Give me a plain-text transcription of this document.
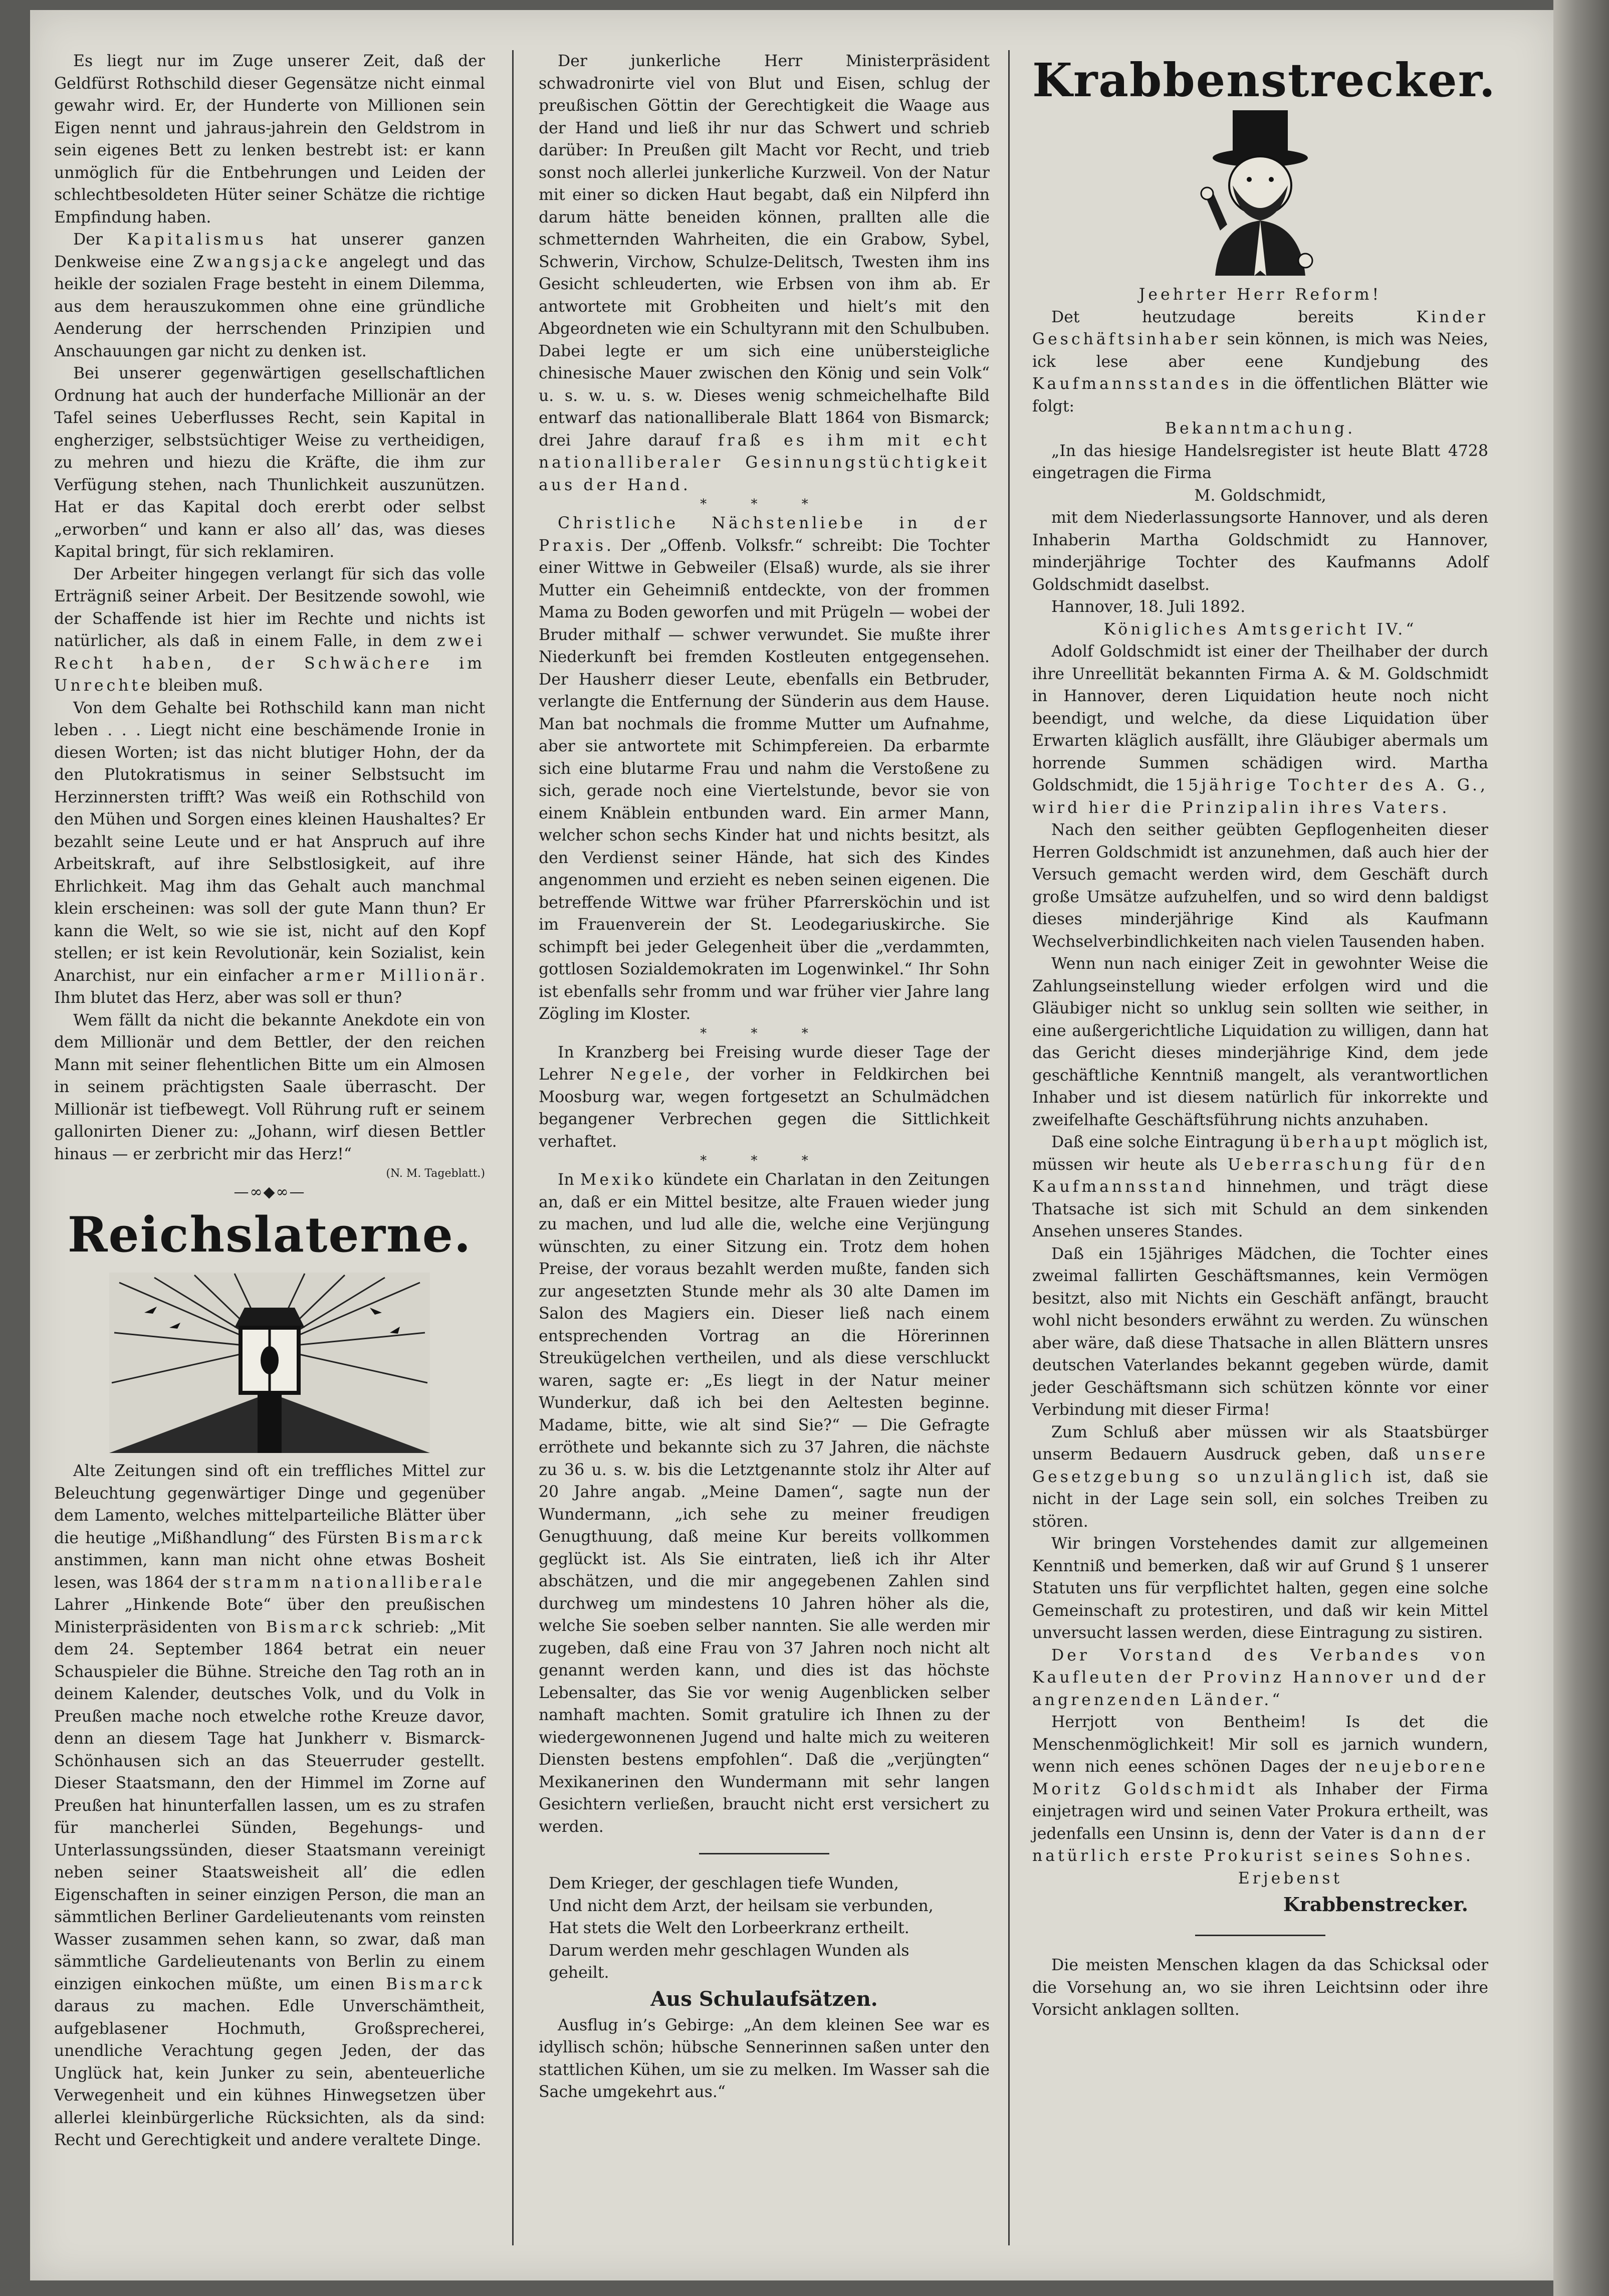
Es liegt nur im Zuge unserer Zeit, daß der Geldfürst Rothschild dieser Gegensätze nicht einmal gewahr wird. Er, der Hunderte von Millionen sein Eigen nennt und jahraus-jahrein den Geldstrom in sein eigenes Bett zu lenken bestrebt ist: er kann unmöglich für die Entbehrungen und Leiden der schlechtbesoldeten Hüter seiner Schätze die richtige Empfindung haben.

Der Kapitalismus hat unserer ganzen Denkweise eine Zwangsjacke angelegt und das heikle der sozialen Frage besteht in einem Dilemma, aus dem herauszukommen ohne eine gründliche Aenderung der herrschenden Prinzipien und Anschauungen gar nicht zu denken ist.

Bei unserer gegenwärtigen gesellschaftlichen Ordnung hat auch der hunderfache Millionär an der Tafel seines Ueberflusses Recht, sein Kapital in engherziger, selbstsüchtiger Weise zu vertheidigen, zu mehren und hiezu die Kräfte, die ihm zur Verfügung stehen, nach Thunlichkeit auszunützen. Hat er das Kapital doch ererbt oder selbst „erworben“ und kann er also all’ das, was dieses Kapital bringt, für sich reklamiren.

Der Arbeiter hingegen verlangt für sich das volle Erträgniß seiner Arbeit. Der Besitzende sowohl, wie der Schaffende ist hier im Rechte und nichts ist natürlicher, als daß in einem Falle, in dem zwei Recht haben, der Schwächere im Unrechte bleiben muß.

Von dem Gehalte bei Rothschild kann man nicht leben . . . Liegt nicht eine beschämende Ironie in diesen Worten; ist das nicht blutiger Hohn, der da den Plutokratismus in seiner Selbstsucht im Herzinnersten trifft? Was weiß ein Rothschild von den Mühen und Sorgen eines kleinen Haushaltes? Er bezahlt seine Leute und er hat Anspruch auf ihre Arbeitskraft, auf ihre Selbstlosigkeit, auf ihre Ehrlichkeit. Mag ihm das Gehalt auch manchmal klein erscheinen: was soll der gute Mann thun? Er kann die Welt, so wie sie ist, nicht auf den Kopf stellen; er ist kein Revolutionär, kein Sozialist, kein Anarchist, nur ein einfacher armer Millionär. Ihm blutet das Herz, aber was soll er thun?

Wem fällt da nicht die bekannte Anekdote ein von dem Millionär und dem Bettler, der den reichen Mann mit seiner flehentlichen Bitte um ein Almosen in seinem prächtigsten Saale überrascht. Der Millionär ist tiefbewegt. Voll Rührung ruft er seinem gallonirten Diener zu: „Johann, wirf diesen Bettler hinaus — er zerbricht mir das Herz!“

(N. M. Tageblatt.)

—∞◆∞—

Reichslaterne.

Alte Zeitungen sind oft ein treffliches Mittel zur Beleuchtung gegenwärtiger Dinge und gegenüber dem Lamento, welches mittelparteiliche Blätter über die heutige „Mißhandlung“ des Fürsten Bismarck anstimmen, kann man nicht ohne etwas Bosheit lesen, was 1864 der stramm nationalliberale Lahrer „Hinkende Bote“ über den preußischen Ministerpräsidenten von Bismarck schrieb: „Mit dem 24. September 1864 betrat ein neuer Schauspieler die Bühne. Streiche den Tag roth an in deinem Kalender, deutsches Volk, und du Volk in Preußen mache noch etwelche rothe Kreuze davor, denn an diesem Tage hat Junkherr v. Bismarck-Schönhausen sich an das Steuerruder gestellt. Dieser Staatsmann, den der Himmel im Zorne auf Preußen hat hinunterfallen lassen, um es zu strafen für mancherlei Sünden, Begehungs- und Unterlassungssünden, dieser Staatsmann vereinigt neben seiner Staatsweisheit all’ die edlen Eigenschaften in seiner einzigen Person, die man an sämmtlichen Berliner Gardelieutenants vom reinsten Wasser zusammen sehen kann, so zwar, daß man sämmtliche Gardelieutenants von Berlin zu einem einzigen einkochen müßte, um einen Bismarck daraus zu machen. Edle Unverschämtheit, aufgeblasener Hochmuth, Großsprecherei, unendliche Verachtung gegen Jeden, der das Unglück hat, kein Junker zu sein, abenteuerliche Verwegenheit und ein kühnes Hinwegsetzen über allerlei kleinbürgerliche Rücksichten, als da sind: Recht und Gerechtigkeit und andere veraltete Dinge.

Der junkerliche Herr Ministerpräsident schwadronirte viel von Blut und Eisen, schlug der preußischen Göttin der Gerechtigkeit die Waage aus der Hand und ließ ihr nur das Schwert und schrieb darüber: In Preußen gilt Macht vor Recht, und trieb sonst noch allerlei junkerliche Kurzweil. Von der Natur mit einer so dicken Haut begabt, daß ein Nilpferd ihn darum hätte beneiden können, prallten alle die schmetternden Wahrheiten, die ein Grabow, Sybel, Schwerin, Virchow, Schulze-Delitsch, Twesten ihm ins Gesicht schleuderten, wie Erbsen von ihm ab. Er antwortete mit Grobheiten und hielt’s mit den Abgeordneten wie ein Schultyrann mit den Schulbuben. Dabei legte er um sich eine unübersteigliche chinesische Mauer zwischen den König und sein Volk“ u. s. w. u. s. w. Dieses wenig schmeichelhafte Bild entwarf das nationalliberale Blatt 1864 von Bismarck; drei Jahre darauf fraß es ihm mit echt nationalliberaler Gesinnungstüchtigkeit aus der Hand.

* * *

Christliche Nächstenliebe in der Praxis. Der „Offenb. Volksfr.“ schreibt: Die Tochter einer Wittwe in Gebweiler (Elsaß) wurde, als sie ihrer Mutter ein Geheimniß entdeckte, von der frommen Mama zu Boden geworfen und mit Prügeln — wobei der Bruder mithalf — schwer verwundet. Sie mußte ihrer Niederkunft bei fremden Kostleuten entgegensehen. Der Hausherr dieser Leute, ebenfalls ein Betbruder, verlangte die Entfernung der Sünderin aus dem Hause. Man bat nochmals die fromme Mutter um Aufnahme, aber sie antwortete mit Schimpfereien. Da erbarmte sich eine blutarme Frau und nahm die Verstoßene zu sich, gerade noch eine Viertelstunde, bevor sie von einem Knäblein entbunden ward. Ein armer Mann, welcher schon sechs Kinder hat und nichts besitzt, als den Verdienst seiner Hände, hat sich des Kindes angenommen und erzieht es neben seinen eigenen. Die betreffende Wittwe war früher Pfarrersköchin und ist im Frauenverein der St. Leodegariuskirche. Sie schimpft bei jeder Gelegenheit über die „verdammten, gottlosen Sozialdemokraten im Logenwinkel.“ Ihr Sohn ist ebenfalls sehr fromm und war früher vier Jahre lang Zögling im Kloster.

* * *

In Kranzberg bei Freising wurde dieser Tage der Lehrer Negele, der vorher in Feldkirchen bei Moosburg war, wegen fortgesetzt an Schulmädchen begangener Verbrechen gegen die Sittlichkeit verhaftet.

* * *

In Mexiko kündete ein Charlatan in den Zeitungen an, daß er ein Mittel besitze, alte Frauen wieder jung zu machen, und lud alle die, welche eine Verjüngung wünschten, zu einer Sitzung ein. Trotz dem hohen Preise, der voraus bezahlt werden mußte, fanden sich zur angesetzten Stunde mehr als 30 alte Damen im Salon des Magiers ein. Dieser ließ nach einem entsprechenden Vortrag an die Hörerinnen Streukügelchen vertheilen, und als diese verschluckt waren, sagte er: „Es liegt in der Natur meiner Wunderkur, daß ich bei den Aeltesten beginne. Madame, bitte, wie alt sind Sie?“ — Die Gefragte erröthete und bekannte sich zu 37 Jahren, die nächste zu 36 u. s. w. bis die Letztgenannte stolz ihr Alter auf 20 Jahre angab. „Meine Damen“, sagte nun der Wundermann, „ich sehe zu meiner freudigen Genugthuung, daß meine Kur bereits vollkommen geglückt ist. Als Sie eintraten, ließ ich ihr Alter abschätzen, und die mir angegebenen Zahlen sind durchweg um mindestens 10 Jahren höher als die, welche Sie soeben selber nannten. Sie alle werden mir zugeben, daß eine Frau von 37 Jahren noch nicht alt genannt werden kann, und dies ist das höchste Lebensalter, das Sie vor wenig Augenblicken selber namhaft machten. Somit gratulire ich Ihnen zu der wiedergewonnenen Jugend und halte mich zu weiteren Diensten bestens empfohlen“. Daß die „verjüngten“ Mexikanerinen den Wundermann mit sehr langen Gesichtern verließen, braucht nicht erst versichert zu werden.

Dem Krieger, der geschlagen tiefe Wunden,

Und nicht dem Arzt, der heilsam sie verbunden,

Hat stets die Welt den Lorbeerkranz ertheilt.

Darum werden mehr geschlagen Wunden als

geheilt.

Aus Schulaufsätzen.

Ausflug in’s Gebirge: „An dem kleinen See war es idyllisch schön; hübsche Sennerinnen saßen unter den stattlichen Kühen, um sie zu melken. Im Wasser sah die Sache umgekehrt aus.“

Krabbenstrecker.

Jeehrter Herr Reform!

Det heutzudage bereits Kinder Geschäftsinhaber sein können, is mich was Neies, ick lese aber eene Kundjebung des Kaufmannsstandes in die öffentlichen Blätter wie folgt:

Bekanntmachung.

„In das hiesige Handelsregister ist heute Blatt 4728 eingetragen die Firma

M. Goldschmidt,

mit dem Niederlassungsorte Hannover, und als deren Inhaberin Martha Goldschmidt zu Hannover, minderjährige Tochter des Kaufmanns Adolf Goldschmidt daselbst.

Hannover, 18. Juli 1892.

Königliches Amtsgericht IV.“

Adolf Goldschmidt ist einer der Theilhaber der durch ihre Unreellität bekannten Firma A. & M. Goldschmidt in Hannover, deren Liquidation heute noch nicht beendigt, und welche, da diese Liquidation über Erwarten kläglich ausfällt, ihre Gläubiger abermals um horrende Summen schädigen wird. Martha Goldschmidt, die 15jährige Tochter des A. G., wird hier die Prinzipalin ihres Vaters.

Nach den seither geübten Gepflogenheiten dieser Herren Goldschmidt ist anzunehmen, daß auch hier der Versuch gemacht werden wird, dem Geschäft durch große Umsätze aufzuhelfen, und so wird denn baldigst dieses minderjährige Kind als Kaufmann Wechselverbindlichkeiten nach vielen Tausenden haben.

Wenn nun nach einiger Zeit in gewohnter Weise die Zahlungseinstellung wieder erfolgen wird und die Gläubiger nicht so unklug sein sollten wie seither, in eine außergerichtliche Liquidation zu willigen, dann hat das Gericht dieses minderjährige Kind, dem jede geschäftliche Kenntniß mangelt, als verantwortlichen Inhaber und ist diesem natürlich für inkorrekte und zweifelhafte Geschäftsführung nichts anzuhaben.

Daß eine solche Eintragung überhaupt möglich ist, müssen wir heute als Ueberraschung für den Kaufmannsstand hinnehmen, und trägt diese Thatsache ist sich mit Schuld an dem sinkenden Ansehen unseres Standes.

Daß ein 15jähriges Mädchen, die Tochter eines zweimal fallirten Geschäftsmannes, kein Vermögen besitzt, also mit Nichts ein Geschäft anfängt, braucht wohl nicht besonders erwähnt zu werden. Zu wünschen aber wäre, daß diese Thatsache in allen Blättern unsres deutschen Vaterlandes bekannt gegeben würde, damit jeder Geschäftsmann sich schützen könnte vor einer Verbindung mit dieser Firma!

Zum Schluß aber müssen wir als Staatsbürger unserm Bedauern Ausdruck geben, daß unsere Gesetzgebung so unzulänglich ist, daß sie nicht in der Lage sein soll, ein solches Treiben zu stören.

Wir bringen Vorstehendes damit zur allgemeinen Kenntniß und bemerken, daß wir auf Grund § 1 unserer Statuten uns für verpflichtet halten, gegen eine solche Gemeinschaft zu protestiren, und daß wir kein Mittel unversucht lassen werden, diese Eintragung zu sistiren.

Der Vorstand des Verbandes von Kaufleuten der Provinz Hannover und der angrenzenden Länder.“

Herrjott von Bentheim! Is det die Menschenmöglichkeit! Mir soll es jarnich wundern, wenn nich eenes schönen Dages der neujeborene Moritz Goldschmidt als Inhaber der Firma einjetragen wird und seinen Vater Prokura ertheilt, was jedenfalls een Unsinn is, denn der Vater is dann der natürlich erste Prokurist seines Sohnes.

Erjebenst

Krabbenstrecker.

Die meisten Menschen klagen da das Schicksal oder die Vorsehung an, wo sie ihren Leichtsinn oder ihre Vorsicht anklagen sollten.
